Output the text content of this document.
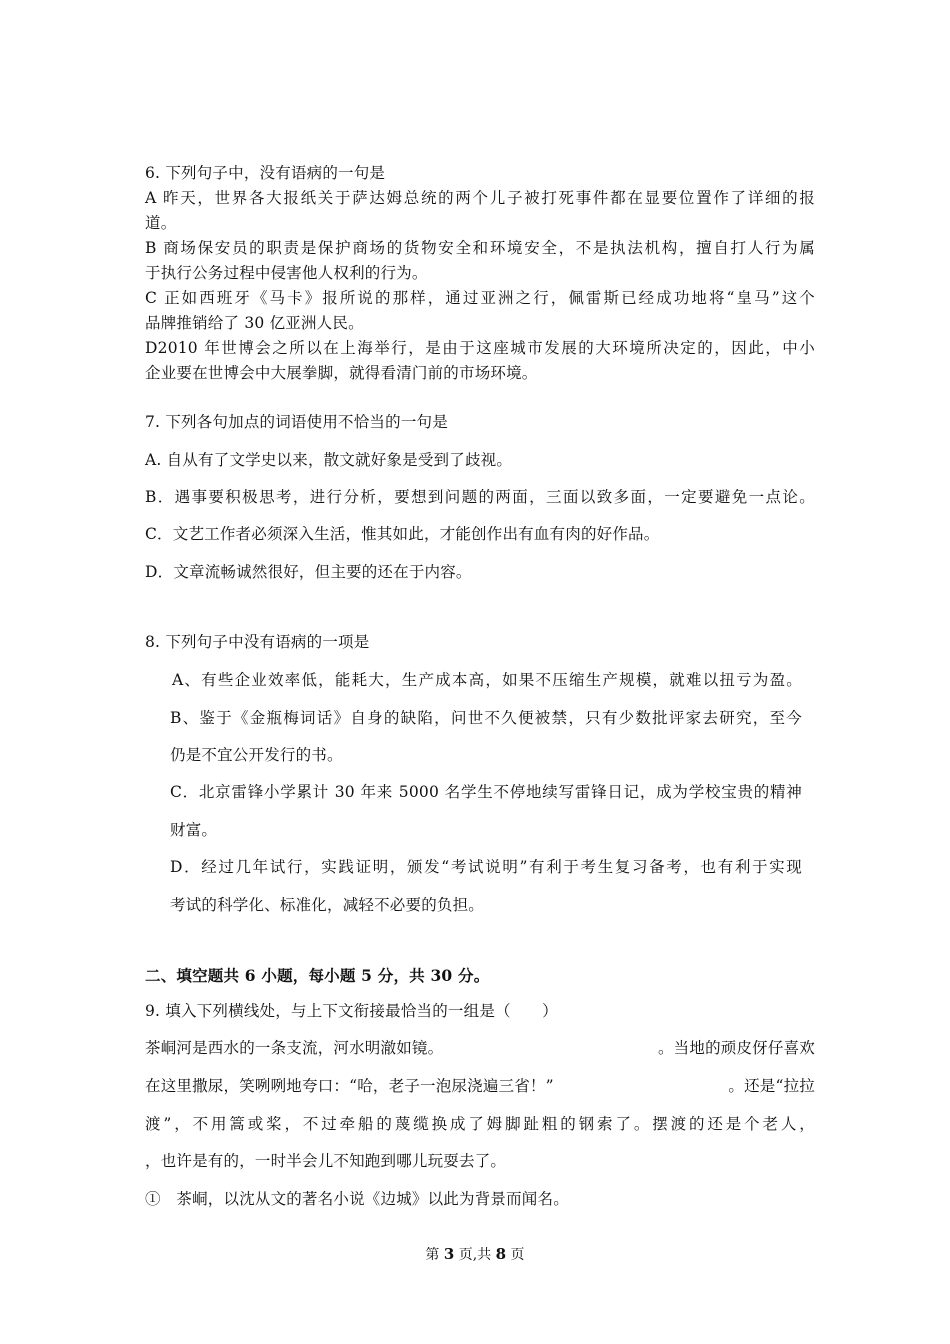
6. 下列句子中，没有语病的一句是
A 昨天，世界各大报纸关于萨达姆总统的两个儿子被打死事件都在显要位置作了详细的报
道。
B 商场保安员的职责是保护商场的货物安全和环境安全，不是执法机构，擅自打人行为属
于执行公务过程中侵害他人权利的行为。
C 正如西班牙《马卡》报所说的那样，通过亚洲之行，佩雷斯已经成功地将“皇马”这个
品牌推销给了 30 亿亚洲人民。
D2010 年世博会之所以在上海举行，是由于这座城市发展的大环境所决定的，因此，中小
企业要在世博会中大展拳脚，就得看清门前的市场环境。
7. 下列各句加点的词语使用不恰当的一句是
A. 自从有了文学史以来，散文就好象是受到了歧视。
B．遇事要积极思考，进行分析，要想到问题的两面，三面以致多面，一定要避免一点论。
C．文艺工作者必须深入生活，惟其如此，才能创作出有血有肉的好作品。
D．文章流畅诚然很好，但主要的还在于内容。
8. 下列句子中没有语病的一项是
A、有些企业效率低，能耗大，生产成本高，如果不压缩生产规模，就难以扭亏为盈。
B、鉴于《金瓶梅词话》自身的缺陷，问世不久便被禁，只有少数批评家去研究，至今
仍是不宜公开发行的书。
C．北京雷锋小学累计 30 年来 5000 名学生不停地续写雷锋日记，成为学校宝贵的精神
财富。
D．经过几年试行，实践证明，颁发“考试说明”有利于考生复习备考，也有利于实现
考试的科学化、标准化，减轻不必要的负担。
二、填空题共 6 小题，每小题 5 分，共 30 分。
9. 填入下列横线处，与上下文衔接最恰当的一组是（　　）
茶峒河是西水的一条支流，河水明澈如镜。	。当地的顽皮伢仔喜欢
在这里撒尿，笑咧咧地夸口：“哈，老子一泡尿浇遍三省！”	。还是“拉拉
渡”，不用篙或桨，不过牵船的蔑缆换成了姆脚趾粗的钢索了。摆渡的还是个老人，
，也许是有的，一时半会儿不知跑到哪儿玩耍去了。
①　茶峒，以沈从文的著名小说《边城》以此为背景而闻名。
第 3 页,共 8 页
